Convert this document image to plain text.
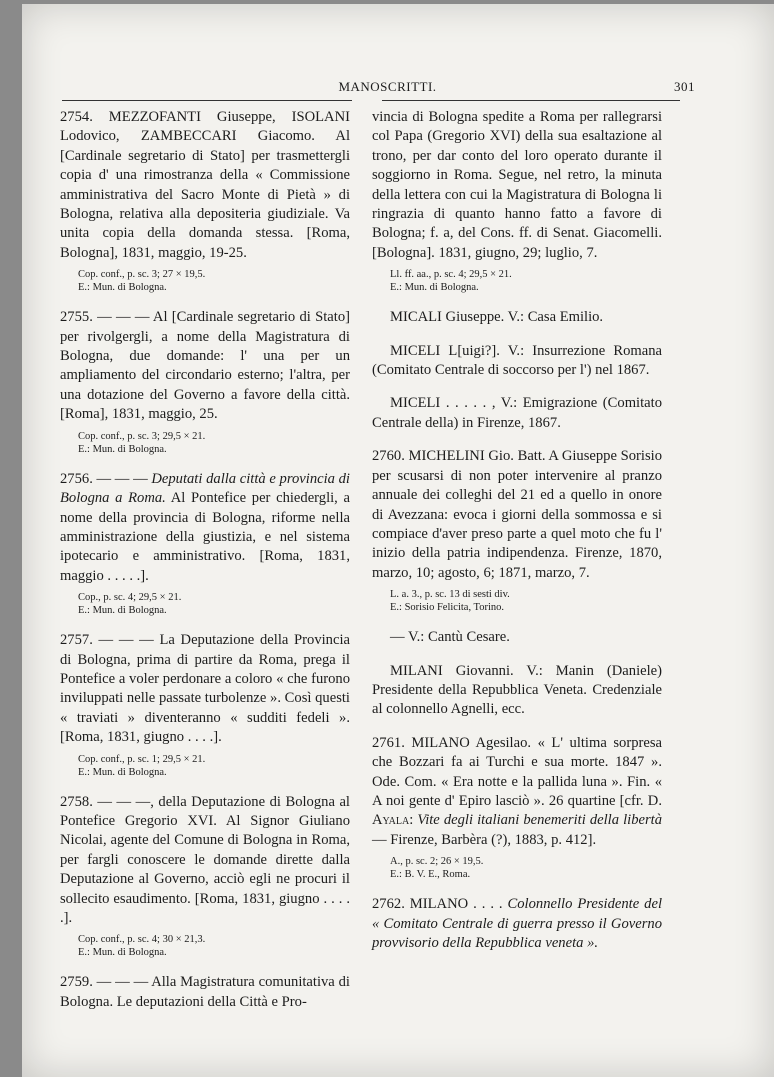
MANOSCRITTI.	301

2754. MEZZOFANTI Giuseppe, ISOLANI Lodovico, ZAMBECCARI Giacomo. Al [Cardinale segretario di Stato] per trasmettergli copia d' una rimostranza della « Commissione amministrativa del Sacro Monte di Pietà » di Bologna, relativa alla depositeria giudiziale. Va unita copia della domanda stessa. [Roma, Bologna], 1831, maggio, 19-25.

Cop. conf., p. sc. 3; 27 × 19,5.
E.: Mun. di Bologna.

2755. — — — Al [Cardinale segretario di Stato] per rivolgergli, a nome della Magistratura di Bologna, due domande: l' una per un ampliamento del circondario esterno; l'altra, per una dotazione del Governo a favore della città. [Roma], 1831, maggio, 25.

Cop. conf., p. sc. 3; 29,5 × 21.
E.: Mun. di Bologna.

2756. — — — Deputati dalla città e provincia di Bologna a Roma. Al Pontefice per chiedergli, a nome della provincia di Bologna, riforme nella amministrazione della giustizia, e nel sistema ipotecario e amministrativo. [Roma, 1831, maggio . . . . .].

Cop., p. sc. 4; 29,5 × 21.
E.: Mun. di Bologna.

2757. — — — La Deputazione della Provincia di Bologna, prima di partire da Roma, prega il Pontefice a voler perdonare a coloro « che furono inviluppati nelle passate turbolenze ». Così questi « traviati » diventeranno « sudditi fedeli ». [Roma, 1831, giugno . . . .].

Cop. conf., p. sc. 1; 29,5 × 21.
E.: Mun. di Bologna.

2758. — — —, della Deputazione di Bologna al Pontefice Gregorio XVI. Al Signor Giuliano Nicolai, agente del Comune di Bologna in Roma, per fargli conoscere le domande dirette dalla Deputazione al Governo, acciò egli ne procuri il sollecito esaudimento. [Roma, 1831, giugno . . . . .].

Cop. conf., p. sc. 4; 30 × 21,3.
E.: Mun. di Bologna.

2759. — — — Alla Magistratura comunitativa di Bologna. Le deputazioni della Città e Pro-

vincia di Bologna spedite a Roma per rallegrarsi col Papa (Gregorio XVI) della sua esaltazione al trono, per dar conto del loro operato durante il soggiorno in Roma. Segue, nel retro, la minuta della lettera con cui la Magistratura di Bologna li ringrazia di quanto hanno fatto a favore di Bologna; f. a, del Cons. ff. di Senat. Giacomelli. [Bologna]. 1831, giugno, 29; luglio, 7.

Ll. ff. aa., p. sc. 4; 29,5 × 21.
E.: Mun. di Bologna.

MICALI Giuseppe. V.: Casa Emilio.

MICELI L[uigi?]. V.: Insurrezione Romana (Comitato Centrale di soccorso per l') nel 1867.

MICELI . . . . . , V.: Emigrazione (Comitato Centrale della) in Firenze, 1867.

2760. MICHELINI Gio. Batt. A Giuseppe Sorisio per scusarsi di non poter intervenire al pranzo annuale dei colleghi del 21 ed a quello in onore di Avezzana: evoca i giorni della sommossa e si compiace d'aver preso parte a quel moto che fu l' inizio della patria indipendenza. Firenze, 1870, marzo, 10; agosto, 6; 1871, marzo, 7.

L. a. 3., p. sc. 13 di sesti div.
E.: Sorisio Felicita, Torino.

— V.: Cantù Cesare.

MILANI Giovanni. V.: Manin (Daniele) Presidente della Repubblica Veneta. Credenziale al colonnello Agnelli, ecc.

2761. MILANO Agesilao. « L' ultima sorpresa che Bozzari fa ai Turchi e sua morte. 1847 ». Ode. Com. « Era notte e la pallida luna ». Fin. « A noi gente d' Epiro lasciò ». 26 quartine [cfr. D. Ayala: Vite degli italiani benemeriti della libertà — Firenze, Barbèra (?), 1883, p. 412].

A., p. sc. 2; 26 × 19,5.
E.: B. V. E., Roma.

2762. MILANO . . . . Colonnello Presidente del « Comitato Centrale di guerra presso il Governo provvisorio della Repubblica veneta ».
